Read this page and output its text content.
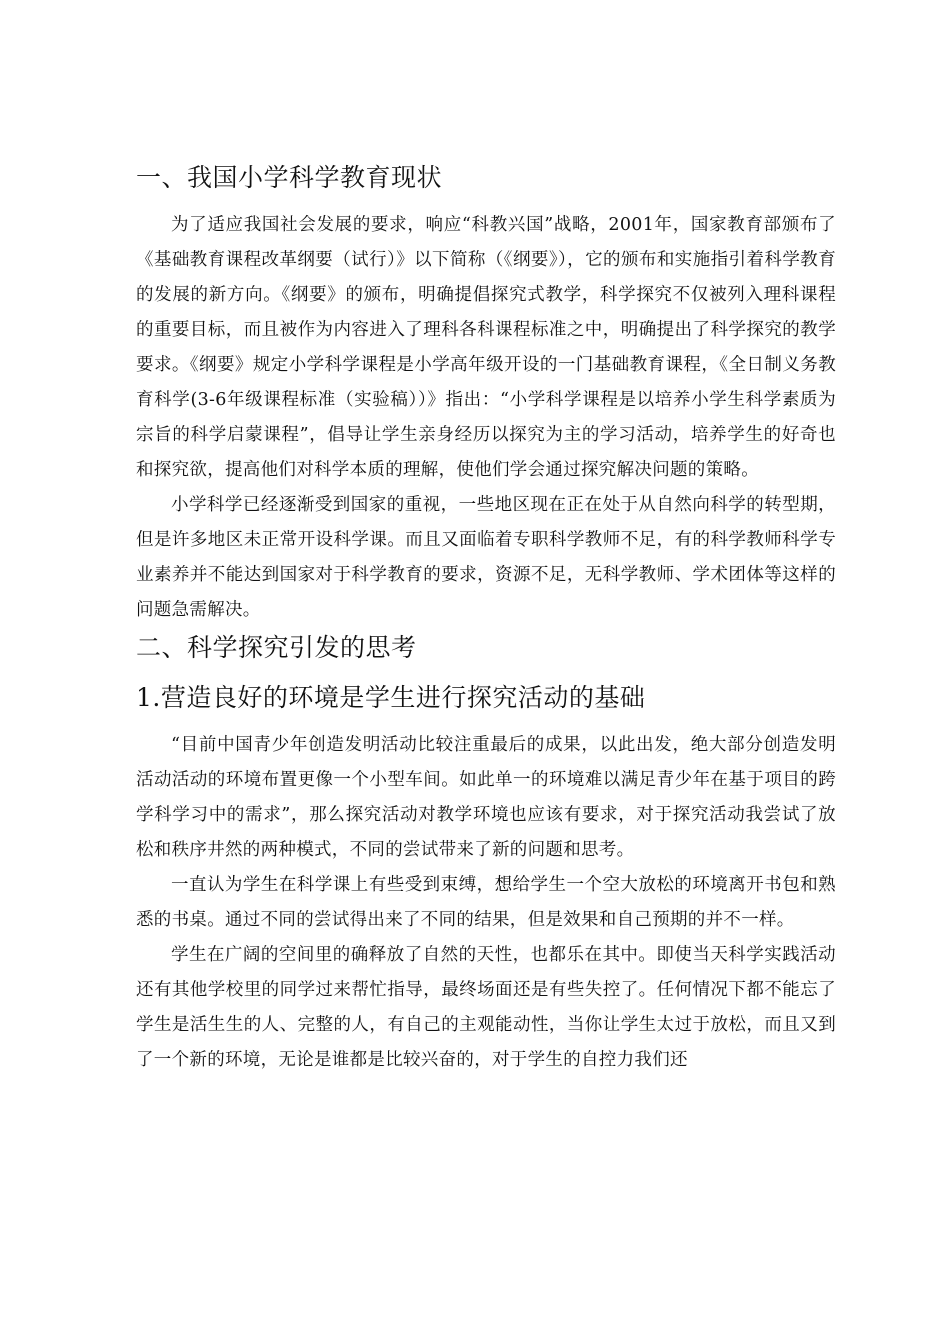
一、我国小学科学教育现状

为了适应我国社会发展的要求，响应“科教兴国”战略，2001年，国家教育部颁布了《基础教育课程改革纲要（试行）》以下简称（《纲要》），它的颁布和实施指引着科学教育的发展的新方向。《纲要》的颁布，明确提倡探究式教学，科学探究不仅被列入理科课程的重要目标，而且被作为内容进入了理科各科课程标准之中，明确提出了科学探究的教学要求。《纲要》规定小学科学课程是小学高年级开设的一门基础教育课程，《全日制义务教育科学(3-6年级课程标准（实验稿））》指出：“小学科学课程是以培养小学生科学素质为宗旨的科学启蒙课程”，倡导让学生亲身经历以探究为主的学习活动，培养学生的好奇也和探究欲，提高他们对科学本质的理解，使他们学会通过探究解决问题的策略。

小学科学已经逐渐受到国家的重视，一些地区现在正在处于从自然向科学的转型期，但是许多地区未正常开设科学课。而且又面临着专职科学教师不足，有的科学教师科学专业素养并不能达到国家对于科学教育的要求，资源不足，无科学教师、学术团体等这样的问题急需解决。

二、科学探究引发的思考
1.营造良好的环境是学生进行探究活动的基础

“目前中国青少年创造发明活动比较注重最后的成果，以此出发，绝大部分创造发明活动活动的环境布置更像一个小型车间。如此单一的环境难以满足青少年在基于项目的跨学科学习中的需求”，那么探究活动对教学环境也应该有要求，对于探究活动我尝试了放松和秩序井然的两种模式，不同的尝试带来了新的问题和思考。

一直认为学生在科学课上有些受到束缚，想给学生一个空大放松的环境离开书包和熟悉的书桌。通过不同的尝试得出来了不同的结果，但是效果和自己预期的并不一样。

学生在广阔的空间里的确释放了自然的天性，也都乐在其中。即使当天科学实践活动还有其他学校里的同学过来帮忙指导，最终场面还是有些失控了。任何情况下都不能忘了学生是活生生的人、完整的人，有自己的主观能动性，当你让学生太过于放松，而且又到了一个新的环境，无论是谁都是比较兴奋的，对于学生的自控力我们还
